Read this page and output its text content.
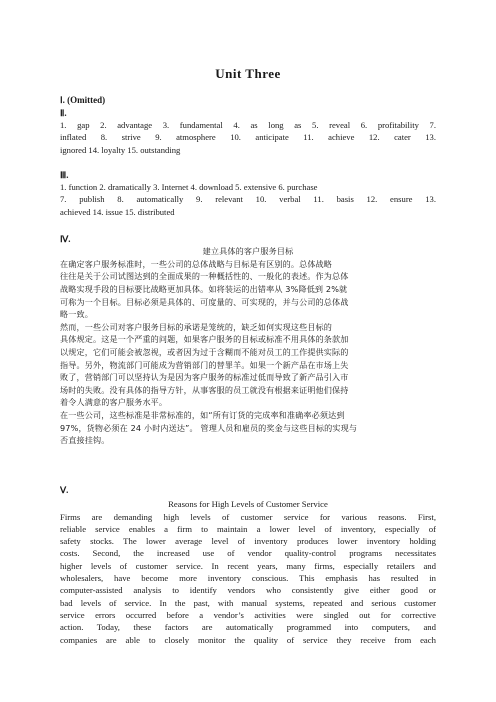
Unit Three
Ⅰ. (Omitted)
Ⅱ.
1. gap 2. advantage 3. fundamental 4. as long as 5. reveal 6. profitability 7.
inflated 8. strive 9. atmosphere 10. anticipate 11. achieve 12. cater 13.
ignored 14. loyalty 15. outstanding
Ⅲ.
1. function 2. dramatically 3. Internet 4. download 5. extensive 6. purchase
7. publish 8. automatically 9. relevant 10. verbal 11. basis 12. ensure 13.
achieved 14. issue 15. distributed
Ⅳ.
建立具体的客户服务目标
在确定客户服务标准时，一些公司的总体战略与目标是有区别的。总体战略
往往是关于公司试图达到的全面成果的一种概括性的、一般化的表述。作为总体
战略实现手段的目标要比战略更加具体。如将装运的出错率从 3%降低到 2%就
可称为一个目标。目标必须是具体的、可度量的、可实现的，并与公司的总体战
略一致。
然而，一些公司对客户服务目标的承诺是笼统的，缺乏如何实现这些目标的
具体规定。这是一个严重的问题，如果客户服务的目标或标准不用具体的条款加
以规定，它们可能会被忽视，或者因为过于含糊而不能对员工的工作提供实际的
指导。另外，物流部门可能成为营销部门的替罪羊。如果一个新产品在市场上失
败了，营销部门可以坚持认为是因为客户服务的标准过低而导致了新产品引入市
场时的失败。没有具体的指导方针，从事客服的员工就没有根据来证明他们保持
着令人满意的客户服务水平。
在一些公司，这些标准是非常标准的，如“所有订货的完成率和准确率必须达到
97%，货物必须在 24 小时内送达”。 管理人员和雇员的奖金与这些目标的实现与
否直接挂钩。
Ⅴ.
Reasons for High Levels of Customer Service
Firms are demanding high levels of customer service for various reasons. First,
reliable service enables a firm to maintain a lower level of inventory, especially of
safety stocks. The lower average level of inventory produces lower inventory holding
costs. Second, the increased use of vendor quality-control programs necessitates
higher levels of customer service. In recent years, many firms, especially retailers and
wholesalers, have become more inventory conscious. This emphasis has resulted in
computer-assisted analysis to identify vendors who consistently give either good or
bad levels of service. In the past, with manual systems, repeated and serious customer
service errors occurred before a vendor’s activities were singled out for corrective
action. Today, these factors are automatically programmed into computers, and
companies are able to closely monitor the quality of service they receive from each
